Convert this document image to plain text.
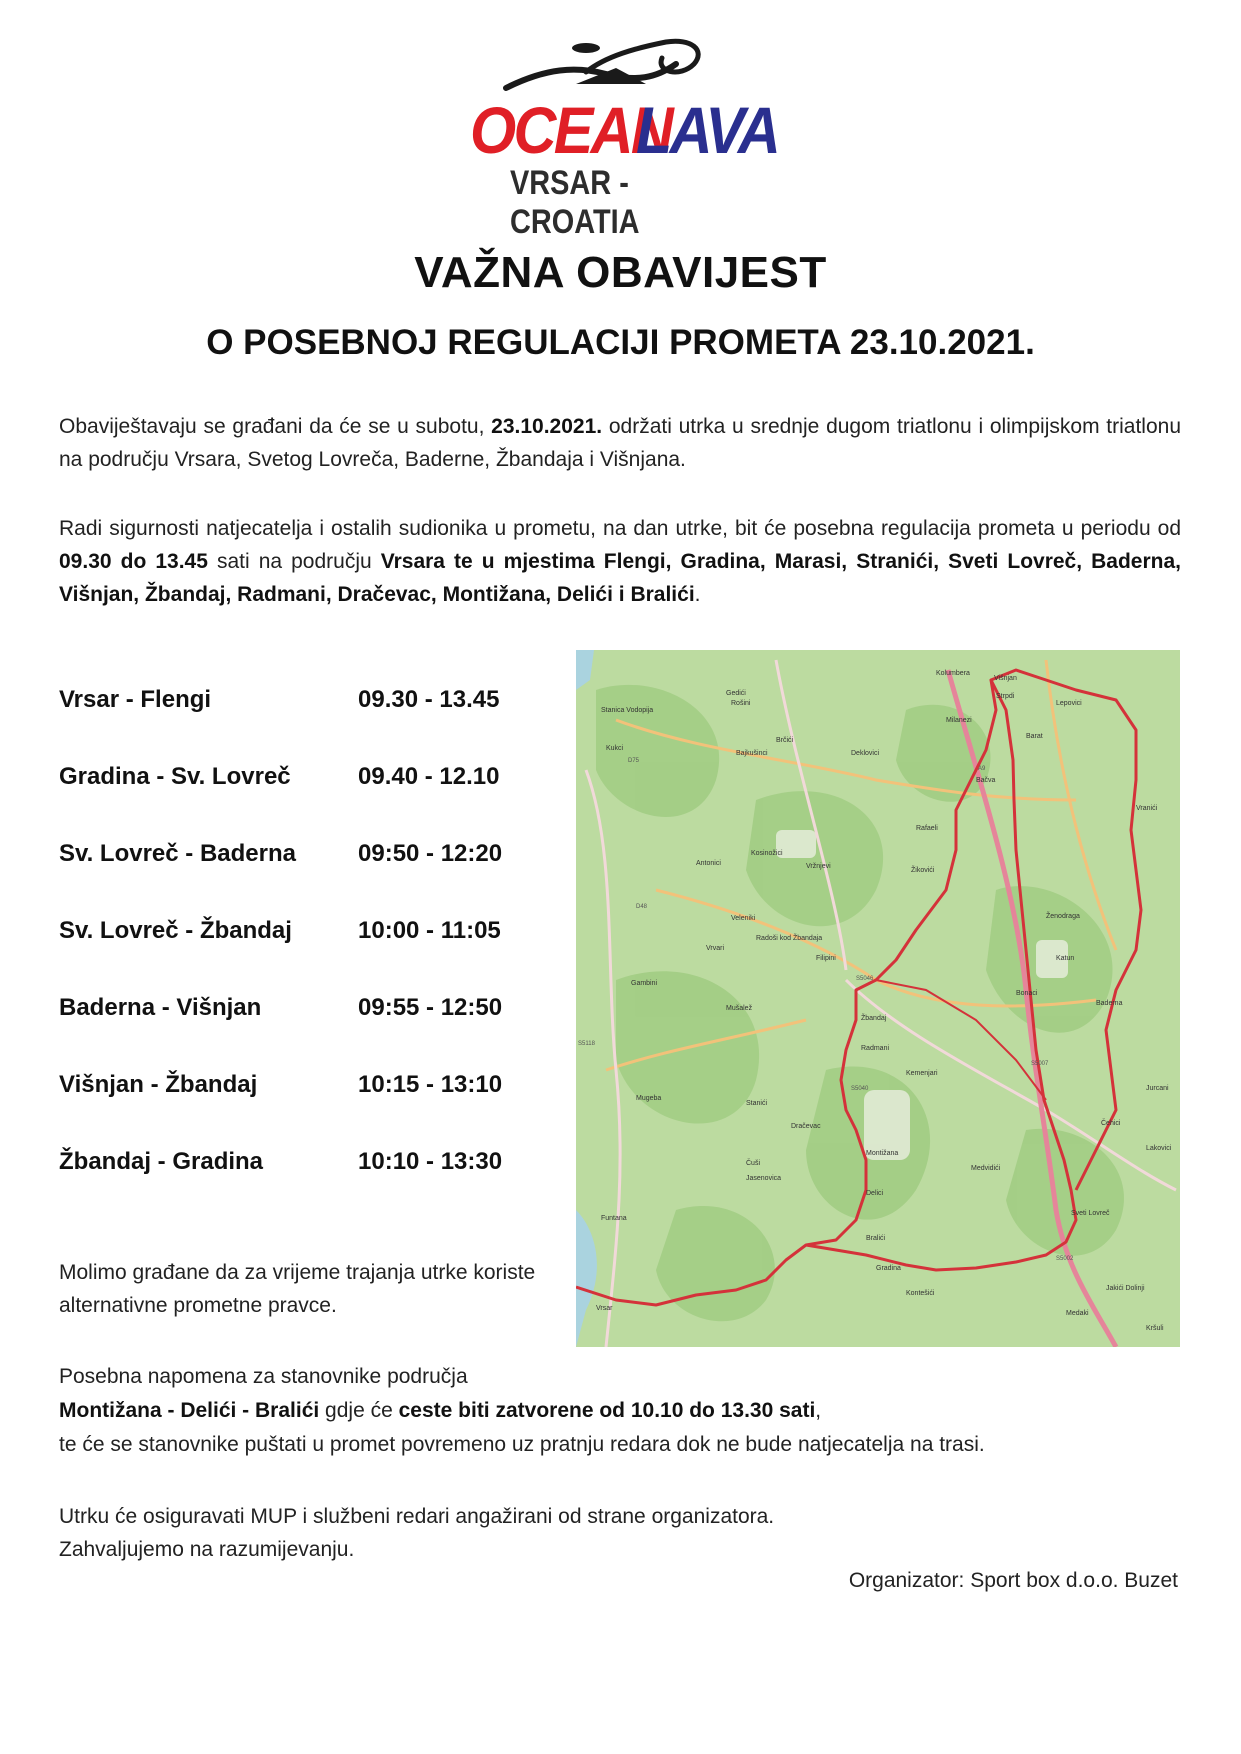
OCEAN
LAVA
VRSAR - CROATIA
VAŽNA OBAVIJEST
O POSEBNOJ REGULACIJI PROMETA 23.10.2021.
Obaviještavaju se građani da će se u subotu, 23.10.2021. održati utrka u srednje dugom triatlonu i olimpijskom triatlonu na području Vrsara, Svetog Lovreča, Baderne, Žbandaja i Višnjana.
Radi sigurnosti natjecatelja i ostalih sudionika u prometu, na dan utrke, bit će posebna regulacija prometa u periodu od 09.30 do 13.45 sati na području Vrsara te u mjestima Flengi, Gradina, Marasi, Stranići, Sveti Lovreč, Baderna, Višnjan, Žbandaj, Radmani, Dračevac, Montižana, Delići i Bralići.
Vrsar - Flengi	09.30 - 13.45
Gradina - Sv. Lovreč	09.40 - 12.10
Sv. Lovreč - Baderna	09:50 - 12:20
Sv. Lovreč - Žbandaj	10:00 - 11:05
Baderna - Višnjan	09:55 - 12:50
Višnjan - Žbandaj	10:15 - 13:10
Žbandaj - Gradina	10:10 - 13:30
Kolumbera
Višnjan
Strpdi
Lepovici
Milanezi
Barat
Bačva
Deklovici
Rafaeli
Žikovići
Kosinožici
Vržnjevi
Antonici
Veleniki
Radoši kod Žbandaja
Filipini
Vrvari
Gambini
Mušalež
Žbandaj
Radmani
Kemenjari
Mugeba
Stanići
Dračevac
Montižana
Delici
Čuši
Jasenovica
Funtana
Gradina
Vrsar
Bralići
Medvidići
Sveti Lovreč
Baderna
Bonaci
Katun
Ženodraga
Čehici
Jakići Dolinji
Medaki
Kontešići
Gedići
Rošini
Stanica Vodopija
Kukci
Brčići
Bajkušinci
Lakovici
Kršuli
Jurcani
Vranići
D75
D48
A9
S5002
S5046
S5040
S5118
S5007
Molimo građane da za vrijeme trajanja utrke koriste alternativne prometne pravce.
Posebna napomena za stanovnike područja
Montižana - Delići - Bralići gdje će ceste biti zatvorene od 10.10 do 13.30 sati,
te će se stanovnike puštati u promet povremeno uz pratnju redara dok ne bude natjecatelja na trasi.
Utrku će osiguravati MUP i službeni redari angažirani od strane organizatora.
Zahvaljujemo na razumijevanju.
Organizator: Sport box d.o.o. Buzet
